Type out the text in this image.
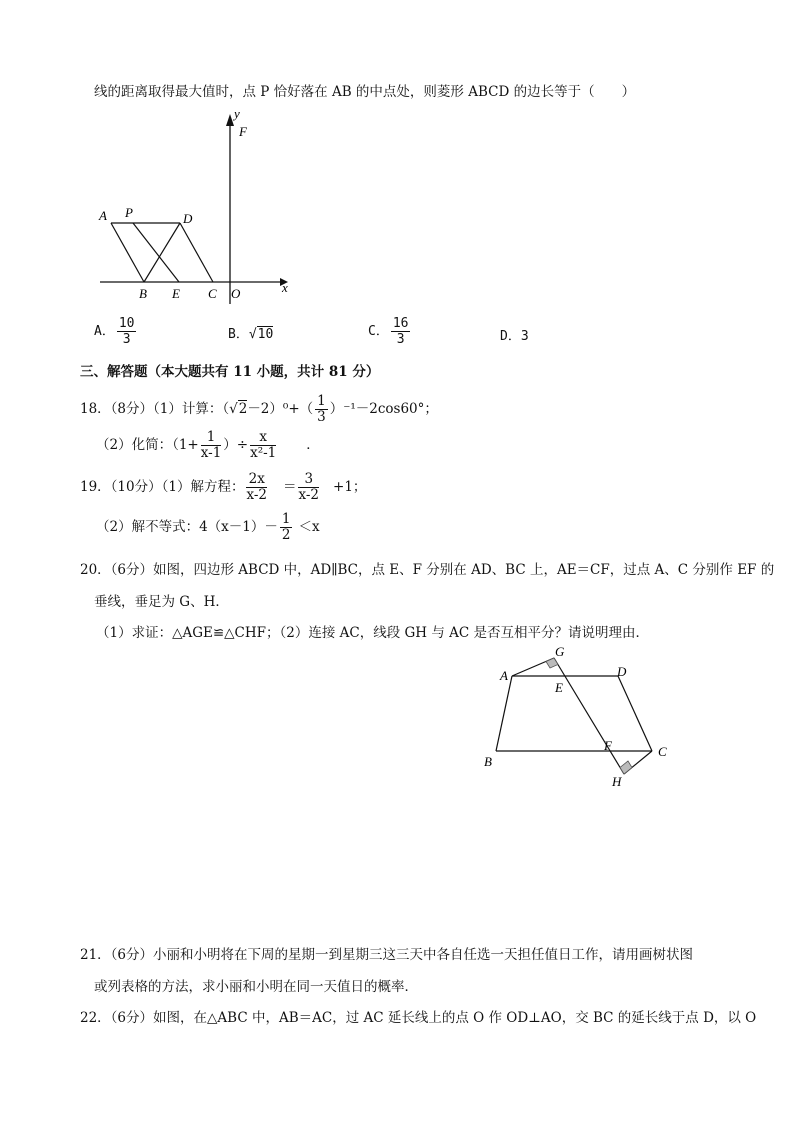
线的距离取得最大值时，点 P 恰好落在 AB 的中点处，则菱形 ABCD 的边长等于（　　）
y
F
A P	D
B E C O	x
A． $\frac{10}{3}$	B．√10	C． $\frac{16}{3}$	D．3
三、解答题（本大题共有 11 小题，共计 81 分）
18．（8分）（1）计算：$(√2-2)^0+( \frac{1}{3} )^{-1}-2\cos 60^\circ$；
（2）化简：（$1+ \frac{1}{x-1}$ ）÷ $\frac{x}{\text{x²-1}}$ ．
19．（10分）（1）解方程： $\frac{2x}{x-2} = \frac{3}{x-2} +1$；
（2）解不等式：$4(x-1)- \frac{1}{2} <x$
20．（6分）如图，四边形 ABCD 中，AD∥BC，点 E、F 分别在 AD、BC 上，AE＝CF，过点 A、C 分别作 EF 的
垂线，垂足为 G、H．
（1）求证：△AGE≌△CHF；（2）连接 AC，线段 GH 与 AC 是否互相平分？请说明理由．
A
G
D
E
F	C
B
H
21．（6分）小丽和小明将在下周的星期一到星期三这三天中各自任选一天担任值日工作，请用画树状图
或列表格的方法，求小丽和小明在同一天值日的概率．
22．（6分）如图，在△ABC 中，AB＝AC，过 AC 延长线上的点 O 作 OD⊥AO，交 BC 的延长线于点 D，以 O
